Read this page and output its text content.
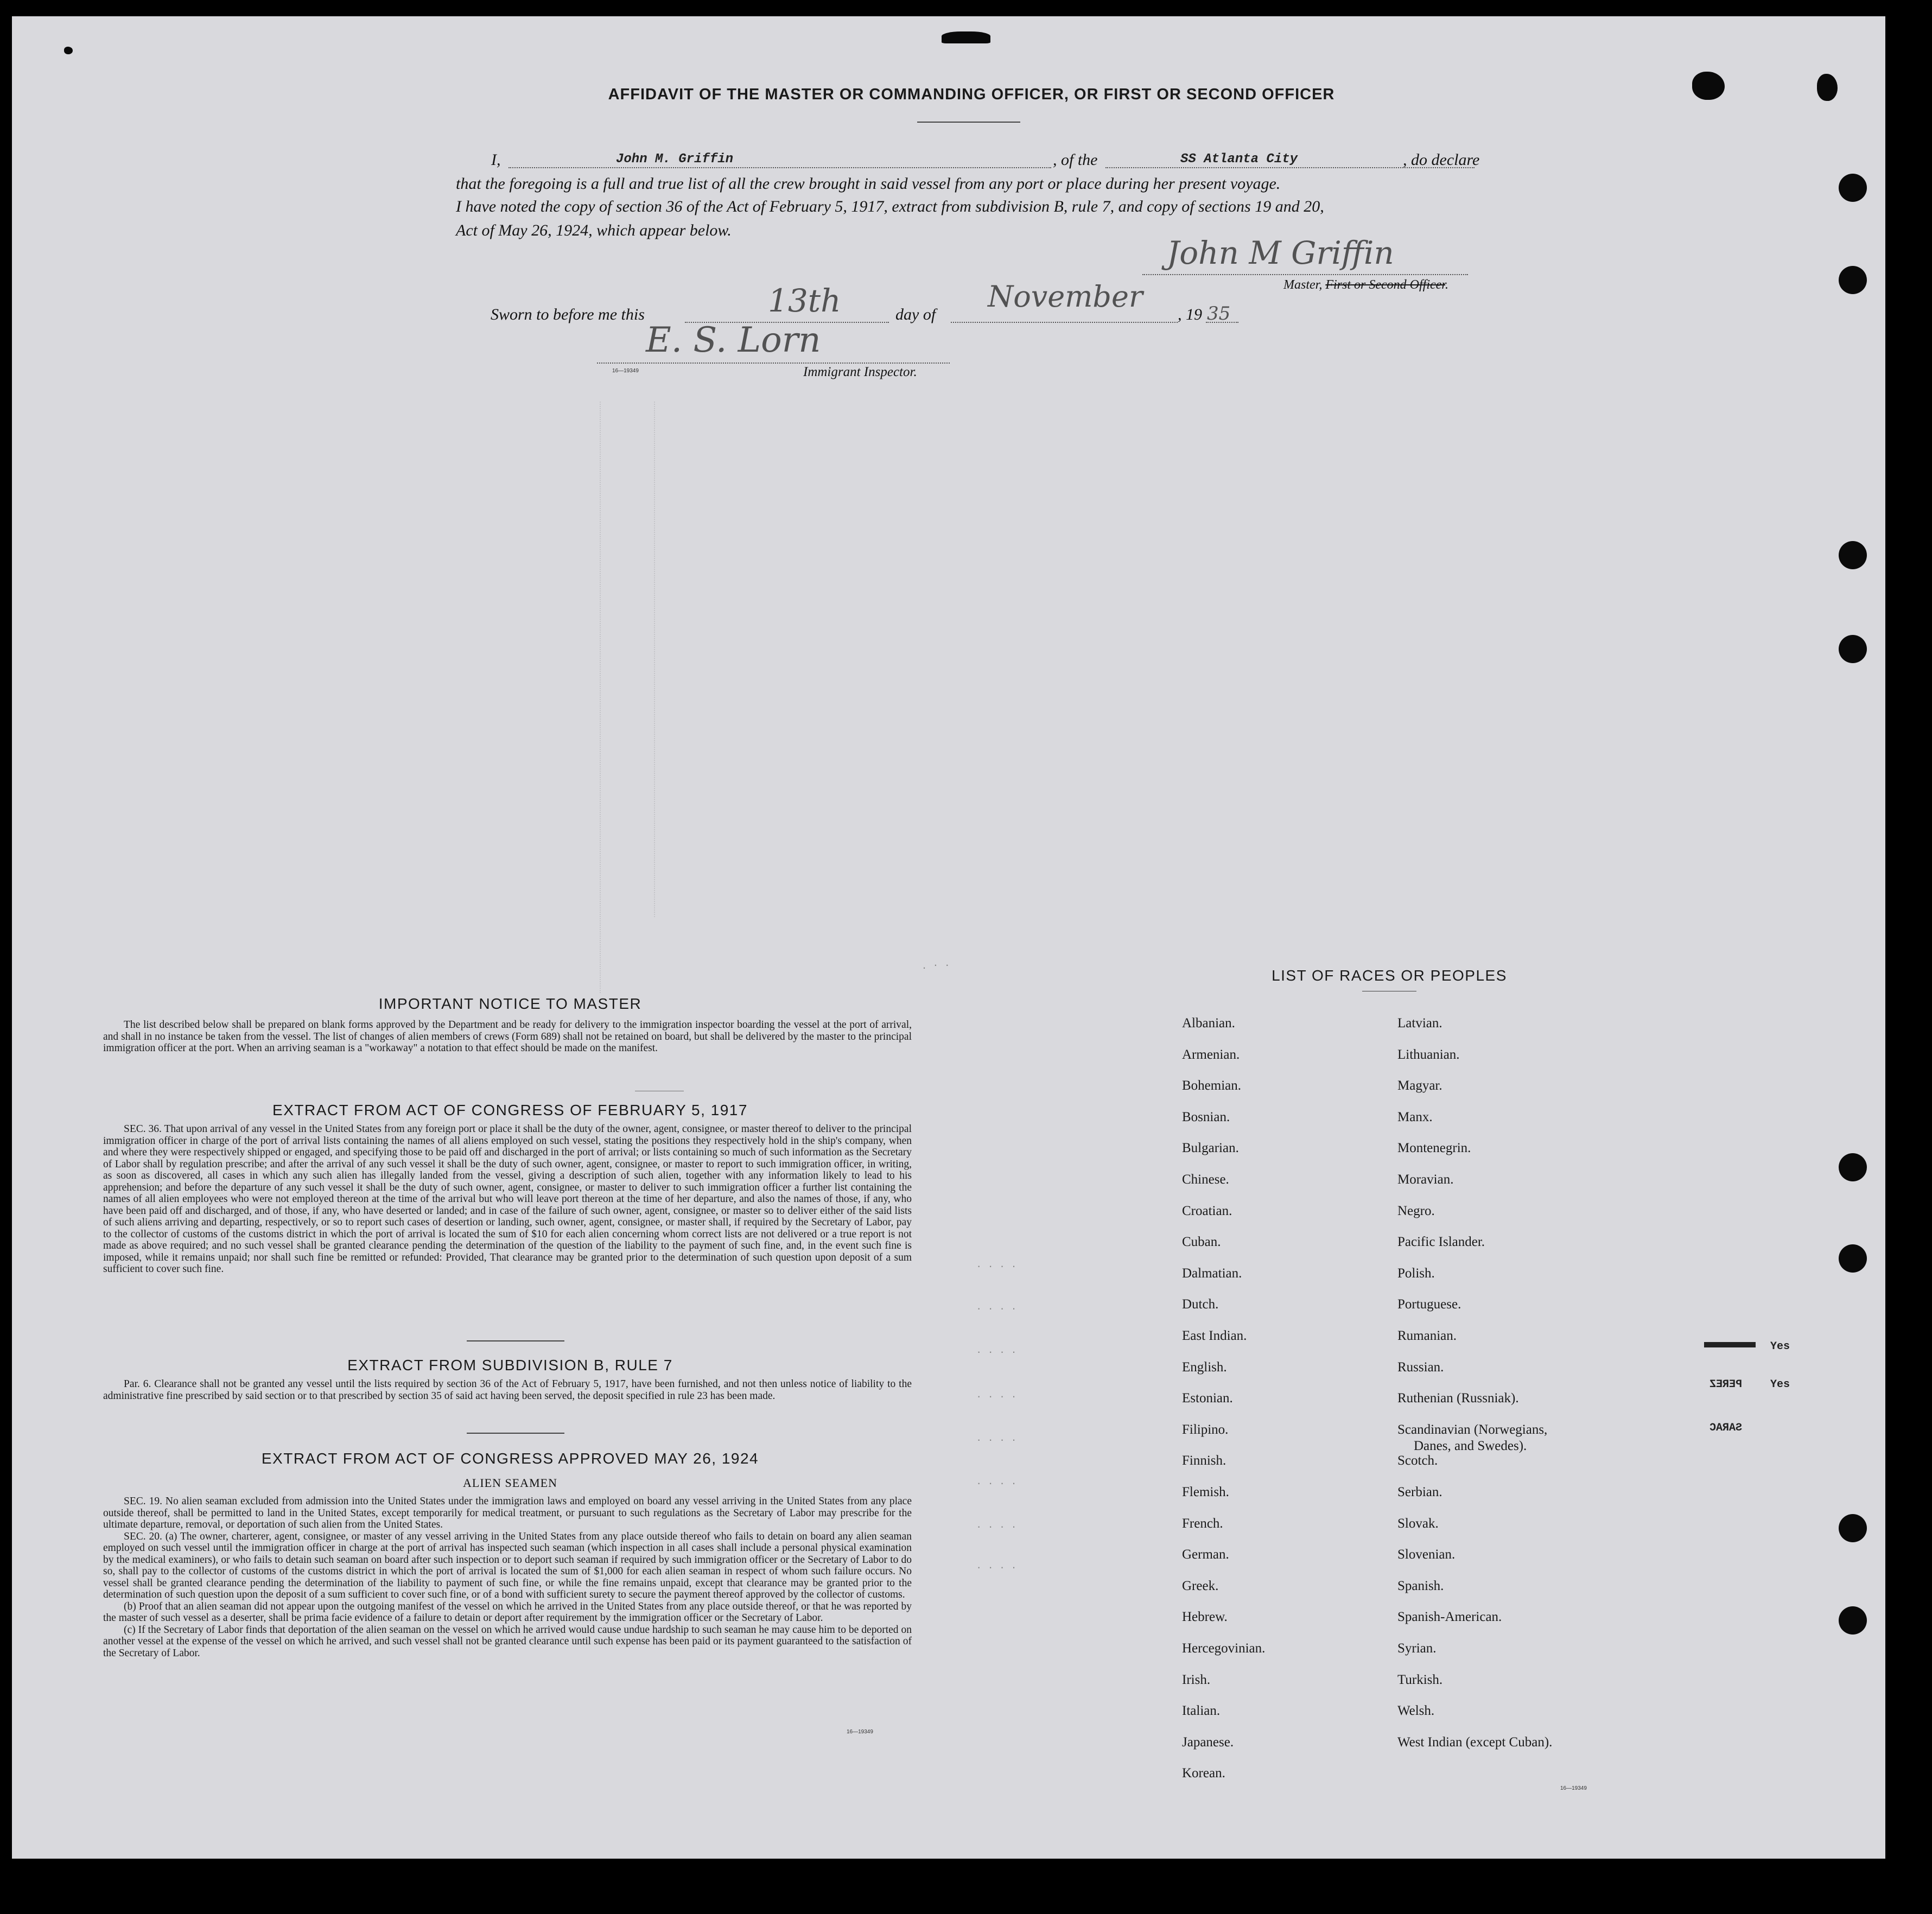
AFFIDAVIT OF THE MASTER OR COMMANDING OFFICER, OR FIRST OR SECOND OFFICER
I,	John M. Griffin	, of the	SS Atlanta City	, do declare
that the foregoing is a full and true list of all the crew brought in said vessel from any port or place during her present voyage.
I have noted the copy of section 36 of the Act of February 5, 1917, extract from subdivision B, rule 7, and copy of sections 19 and 20,
Act of May 26, 1924, which appear below.
John M Griffin
Master, First or Second Officer.
Sworn to before me this	13th	day of
November
, 19 35
E. S. Lorn
16—19349	Immigrant Inspector.
IMPORTANT NOTICE TO MASTER

The list described below shall be prepared on blank forms approved by the Department and be ready for delivery to the immigration inspector boarding the vessel at the port of arrival, and shall in no instance be taken from the vessel. The list of changes of alien members of crews (Form 689) shall not be retained on board, but shall be delivered by the master to the principal immigration officer at the port. When an arriving seaman is a "workaway" a notation to that effect should be made on the manifest.

EXTRACT FROM ACT OF CONGRESS OF FEBRUARY 5, 1917

SEC. 36. That upon arrival of any vessel in the United States from any foreign port or place it shall be the duty of the owner, agent, consignee, or master thereof to deliver to the principal immigration officer in charge of the port of arrival lists containing the names of all aliens employed on such vessel, stating the positions they respectively hold in the ship's company, when and where they were respectively shipped or engaged, and specifying those to be paid off and discharged in the port of arrival; or lists containing so much of such information as the Secretary of Labor shall by regulation prescribe; and after the arrival of any such vessel it shall be the duty of such owner, agent, consignee, or master to report to such immigration officer, in writing, as soon as discovered, all cases in which any such alien has illegally landed from the vessel, giving a description of such alien, together with any information likely to lead to his apprehension; and before the departure of any such vessel it shall be the duty of such owner, agent, consignee, or master to deliver to such immigration officer a further list containing the names of all alien employees who were not employed thereon at the time of the arrival but who will leave port thereon at the time of her departure, and also the names of those, if any, who have been paid off and discharged, and of those, if any, who have deserted or landed; and in case of the failure of such owner, agent, consignee, or master so to deliver either of the said lists of such aliens arriving and departing, respectively, or so to report such cases of desertion or landing, such owner, agent, consignee, or master shall, if required by the Secretary of Labor, pay to the collector of customs of the customs district in which the port of arrival is located the sum of $10 for each alien concerning whom correct lists are not delivered or a true report is not made as above required; and no such vessel shall be granted clearance pending the determination of the question of the liability to the payment of such fine, and, in the event such fine is imposed, while it remains unpaid; nor shall such fine be remitted or refunded: Provided, That clearance may be granted prior to the determination of such question upon deposit of a sum sufficient to cover such fine.

EXTRACT FROM SUBDIVISION B, RULE 7

Par. 6. Clearance shall not be granted any vessel until the lists required by section 36 of the Act of February 5, 1917, have been furnished, and not then unless notice of liability to the administrative fine prescribed by said section or to that prescribed by section 35 of said act having been served, the deposit specified in rule 23 has been made.

EXTRACT FROM ACT OF CONGRESS APPROVED MAY 26, 1924
ALIEN SEAMEN

SEC. 19. No alien seaman excluded from admission into the United States under the immigration laws and employed on board any vessel arriving in the United States from any place outside thereof, shall be permitted to land in the United States, except temporarily for medical treatment, or pursuant to such regulations as the Secretary of Labor may prescribe for the ultimate departure, removal, or deportation of such alien from the United States.

SEC. 20. (a) The owner, charterer, agent, consignee, or master of any vessel arriving in the United States from any place outside thereof who fails to detain on board any alien seaman employed on such vessel until the immigration officer in charge at the port of arrival has inspected such seaman (which inspection in all cases shall include a personal physical examination by the medical examiners), or who fails to detain such seaman on board after such inspection or to deport such seaman if required by such immigration officer or the Secretary of Labor to do so, shall pay to the collector of customs of the customs district in which the port of arrival is located the sum of $1,000 for each alien seaman in respect of whom such failure occurs. No vessel shall be granted clearance pending the determination of the liability to payment of such fine, or while the fine remains unpaid, except that clearance may be granted prior to the determination of such question upon the deposit of a sum sufficient to cover such fine, or of a bond with sufficient surety to secure the payment thereof approved by the collector of customs.

(b) Proof that an alien seaman did not appear upon the outgoing manifest of the vessel on which he arrived in the United States from any place outside thereof, or that he was reported by the master of such vessel as a deserter, shall be prima facie evidence of a failure to detain or deport after requirement by the immigration officer or the Secretary of Labor.

(c) If the Secretary of Labor finds that deportation of the alien seaman on the vessel on which he arrived would cause undue hardship to such seaman he may cause him to be deported on another vessel at the expense of the vessel on which he arrived, and such vessel shall not be granted clearance until such expense has been paid or its payment guaranteed to the satisfaction of the Secretary of Labor.

16—19349
LIST OF RACES OR PEOPLES
Albanian.
Armenian.
Bohemian.
Bosnian.
Bulgarian.
Chinese.
Croatian.
Cuban.
Dalmatian.
Dutch.
East Indian.
English.
Estonian.
Filipino.
Finnish.
Flemish.
French.
German.
Greek.
Hebrew.
Hercegovinian.
Irish.
Italian.
Japanese.
Korean.
Latvian.
Lithuanian.
Magyar.
Manx.
Montenegrin.
Moravian.
Negro.
Pacific Islander.
Polish.
Portuguese.
Rumanian.
Russian.
Ruthenian (Russniak).
Scandinavian (Norwegians,
Danes, and Swedes).
Scotch.
Serbian.
Slovak.
Slovenian.
Spanish.
Spanish-American.
Syrian.
Turkish.
Welsh.
West Indian (except Cuban).
16—19349
. · ·
· · · ·
· · · ·
· · · ·
· · · ·
· · · ·
· · · ·
· · · ·
· · · ·
Yes
Yes
PEREZ
SARAC
